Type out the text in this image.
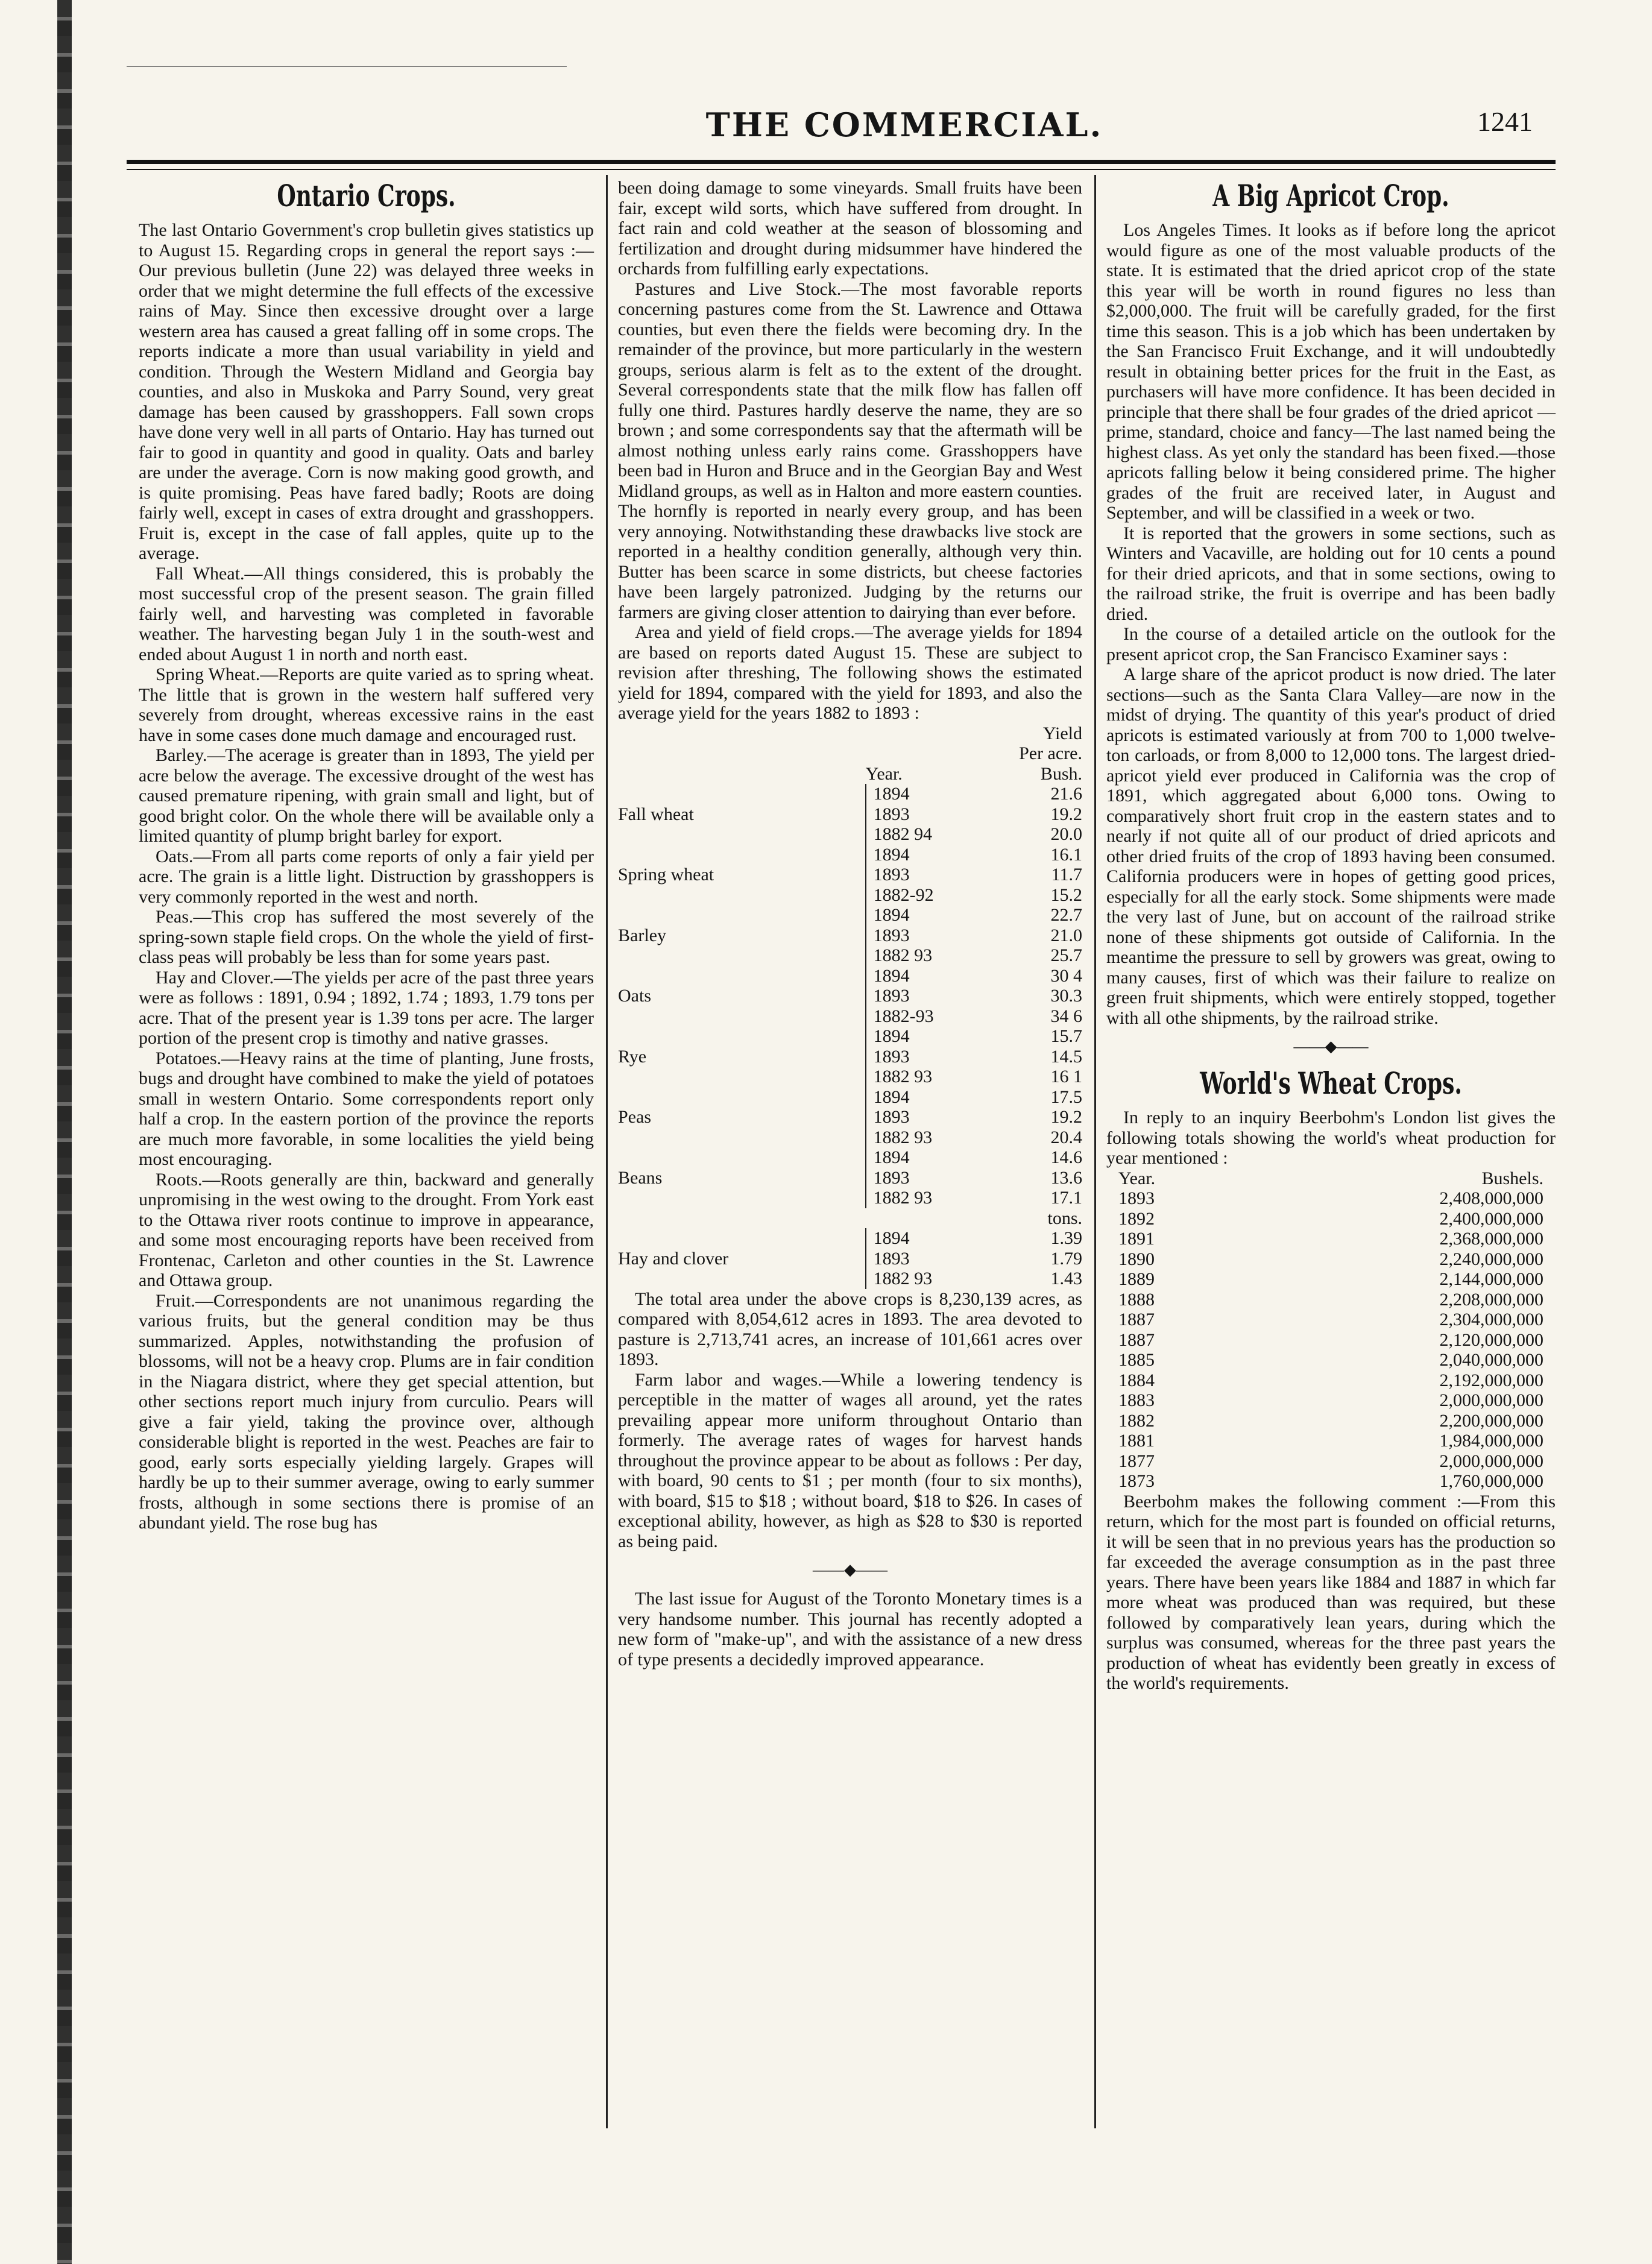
THE COMMERCIAL.	1241
Ontario Crops.

The last Ontario Government's crop bulletin gives statistics up to August 15. Regarding crops in general the report says :—Our previous bulletin (June 22) was delayed three weeks in order that we might determine the full effects of the excessive rains of May. Since then excessive drought over a large western area has caused a great falling off in some crops. The reports indicate a more than usual variability in yield and condition. Through the Western Midland and Georgia bay counties, and also in Muskoka and Parry Sound, very great damage has been caused by grasshoppers. Fall sown crops have done very well in all parts of Ontario. Hay has turned out fair to good in quantity and good in quality. Oats and barley are under the average. Corn is now making good growth, and is quite promising. Peas have fared badly; Roots are doing fairly well, except in cases of extra drought and grasshoppers. Fruit is, except in the case of fall apples, quite up to the average.

Fall Wheat.—All things considered, this is probably the most successful crop of the present season. The grain filled fairly well, and harvesting was completed in favorable weather. The harvesting began July 1 in the south-west and ended about August 1 in north and north east.

Spring Wheat.—Reports are quite varied as to spring wheat. The little that is grown in the western half suffered very severely from drought, whereas excessive rains in the east have in some cases done much damage and encouraged rust.

Barley.—The acerage is greater than in 1893, The yield per acre below the average. The excessive drought of the west has caused premature ripening, with grain small and light, but of good bright color. On the whole there will be available only a limited quantity of plump bright barley for export.

Oats.—From all parts come reports of only a fair yield per acre. The grain is a little light. Distruction by grasshoppers is very commonly reported in the west and north.

Peas.—This crop has suffered the most severely of the spring-sown staple field crops. On the whole the yield of first-class peas will probably be less than for some years past.

Hay and Clover.—The yields per acre of the past three years were as follows : 1891, 0.94 ; 1892, 1.74 ; 1893, 1.79 tons per acre. That of the present year is 1.39 tons per acre. The larger portion of the present crop is timothy and native grasses.

Potatoes.—Heavy rains at the time of planting, June frosts, bugs and drought have combined to make the yield of potatoes small in western Ontario. Some correspondents report only half a crop. In the eastern portion of the province the reports are much more favorable, in some localities the yield being most encouraging.

Roots.—Roots generally are thin, backward and generally unpromising in the west owing to the drought. From York east to the Ottawa river roots continue to improve in appearance, and some most encouraging reports have been received from Frontenac, Carleton and other counties in the St. Lawrence and Ottawa group.

Fruit.—Correspondents are not unanimous regarding the various fruits, but the general condition may be thus summarized. Apples, notwithstanding the profusion of blossoms, will not be a heavy crop. Plums are in fair condition in the Niagara district, where they get special attention, but other sections report much injury from curculio. Pears will give a fair yield, taking the province over, although considerable blight is reported in the west. Peaches are fair to good, early sorts especially yielding largely. Grapes will hardly be up to their summer average, owing to early summer frosts, although in some sections there is promise of an abundant yield. The rose bug has

been doing damage to some vineyards. Small fruits have been fair, except wild sorts, which have suffered from drought. In fact rain and cold weather at the season of blossoming and fertilization and drought during midsummer have hindered the orchards from fulfilling early expectations.

Pastures and Live Stock.—The most favorable reports concerning pastures come from the St. Lawrence and Ottawa counties, but even there the fields were becoming dry. In the remainder of the province, but more particularly in the western groups, serious alarm is felt as to the extent of the drought. Several correspondents state that the milk flow has fallen off fully one third. Pastures hardly deserve the name, they are so brown ; and some correspondents say that the aftermath will be almost nothing unless early rains come. Grasshoppers have been bad in Huron and Bruce and in the Georgian Bay and West Midland groups, as well as in Halton and more eastern counties. The hornfly is reported in nearly every group, and has been very annoying. Notwithstanding these drawbacks live stock are reported in a healthy condition generally, although very thin. Butter has been scarce in some districts, but cheese factories have been largely patronized. Judging by the returns our farmers are giving closer attention to dairying than ever before.

Area and yield of field crops.—The average yields for 1894 are based on reports dated August 15. These are subject to revision after threshing, The following shows the estimated yield for 1894, compared with the yield for 1893, and also the average yield for the years 1882 to 1893 :

		Yield
		Per acre.
	Year.	Bush.
	1894	21.6
Fall wheat	1893	19.2
	1882 94	20.0
	1894	16.1
Spring wheat	1893	11.7
	1882-92	15.2
	1894	22.7
Barley	1893	21.0
	1882 93	25.7
	1894	30 4
Oats	1893	30.3
	1882-93	34 6
	1894	15.7
Rye	1893	14.5
	1882 93	16 1
	1894	17.5
Peas	1893	19.2
	1882 93	20.4
	1894	14.6
Beans	1893	13.6
	1882 93	17.1
		tons.
	1894	1.39
Hay and clover	1893	1.79
	1882 93	1.43

The total area under the above crops is 8,230,139 acres, as compared with 8,054,612 acres in 1893. The area devoted to pasture is 2,713,741 acres, an increase of 101,661 acres over 1893.

Farm labor and wages.—While a lowering tendency is perceptible in the matter of wages all around, yet the rates prevailing appear more uniform throughout Ontario than formerly. The average rates of wages for harvest hands throughout the province appear to be about as follows : Per day, with board, 90 cents to $1 ; per month (four to six months), with board, $15 to $18 ; without board, $18 to $26. In cases of exceptional ability, however, as high as $28 to $30 is reported as being paid.

——◆——

The last issue for August of the Toronto Monetary times is a very handsome number. This journal has recently adopted a new form of "make-up", and with the assistance of a new dress of type presents a decidedly improved appearance.

A Big Apricot Crop.

Los Angeles Times. It looks as if before long the apricot would figure as one of the most valuable products of the state. It is estimated that the dried apricot crop of the state this year will be worth in round figures no less than $2,000,000. The fruit will be carefully graded, for the first time this season. This is a job which has been undertaken by the San Francisco Fruit Exchange, and it will undoubtedly result in obtaining better prices for the fruit in the East, as purchasers will have more confidence. It has been decided in principle that there shall be four grades of the dried apricot —prime, standard, choice and fancy—The last named being the highest class. As yet only the standard has been fixed.—those apricots falling below it being considered prime. The higher grades of the fruit are received later, in August and September, and will be classified in a week or two.

It is reported that the growers in some sections, such as Winters and Vacaville, are holding out for 10 cents a pound for their dried apricots, and that in some sections, owing to the railroad strike, the fruit is overripe and has been badly dried.

In the course of a detailed article on the outlook for the present apricot crop, the San Francisco Examiner says :

A large share of the apricot product is now dried. The later sections—such as the Santa Clara Valley—are now in the midst of drying. The quantity of this year's product of dried apricots is estimated variously at from 700 to 1,000 twelve-ton carloads, or from 8,000 to 12,000 tons. The largest dried-apricot yield ever produced in California was the crop of 1891, which aggregated about 6,000 tons. Owing to comparatively short fruit crop in the eastern states and to nearly if not quite all of our product of dried apricots and other dried fruits of the crop of 1893 having been consumed. California producers were in hopes of getting good prices, especially for all the early stock. Some shipments were made the very last of June, but on account of the railroad strike none of these shipments got outside of California. In the meantime the pressure to sell by growers was great, owing to many causes, first of which was their failure to realize on green fruit shipments, which were entirely stopped, together with all othe shipments, by the railroad strike.

——◆——
World's Wheat Crops.

In reply to an inquiry Beerbohm's London list gives the following totals showing the world's wheat production for year mentioned :

Year.	Bushels.
1893	2,408,000,000
1892	2,400,000,000
1891	2,368,000,000
1890	2,240,000,000
1889	2,144,000,000
1888	2,208,000,000
1887	2,304,000,000
1887	2,120,000,000
1885	2,040,000,000
1884	2,192,000,000
1883	2,000,000,000
1882	2,200,000,000
1881	1,984,000,000
1877	2,000,000,000
1873	1,760,000,000

Beerbohm makes the following comment :—From this return, which for the most part is founded on official returns, it will be seen that in no previous years has the production so far exceeded the average consumption as in the past three years. There have been years like 1884 and 1887 in which far more wheat was produced than was required, but these followed by comparatively lean years, during which the surplus was consumed, whereas for the three past years the production of wheat has evidently been greatly in excess of the world's requirements.
